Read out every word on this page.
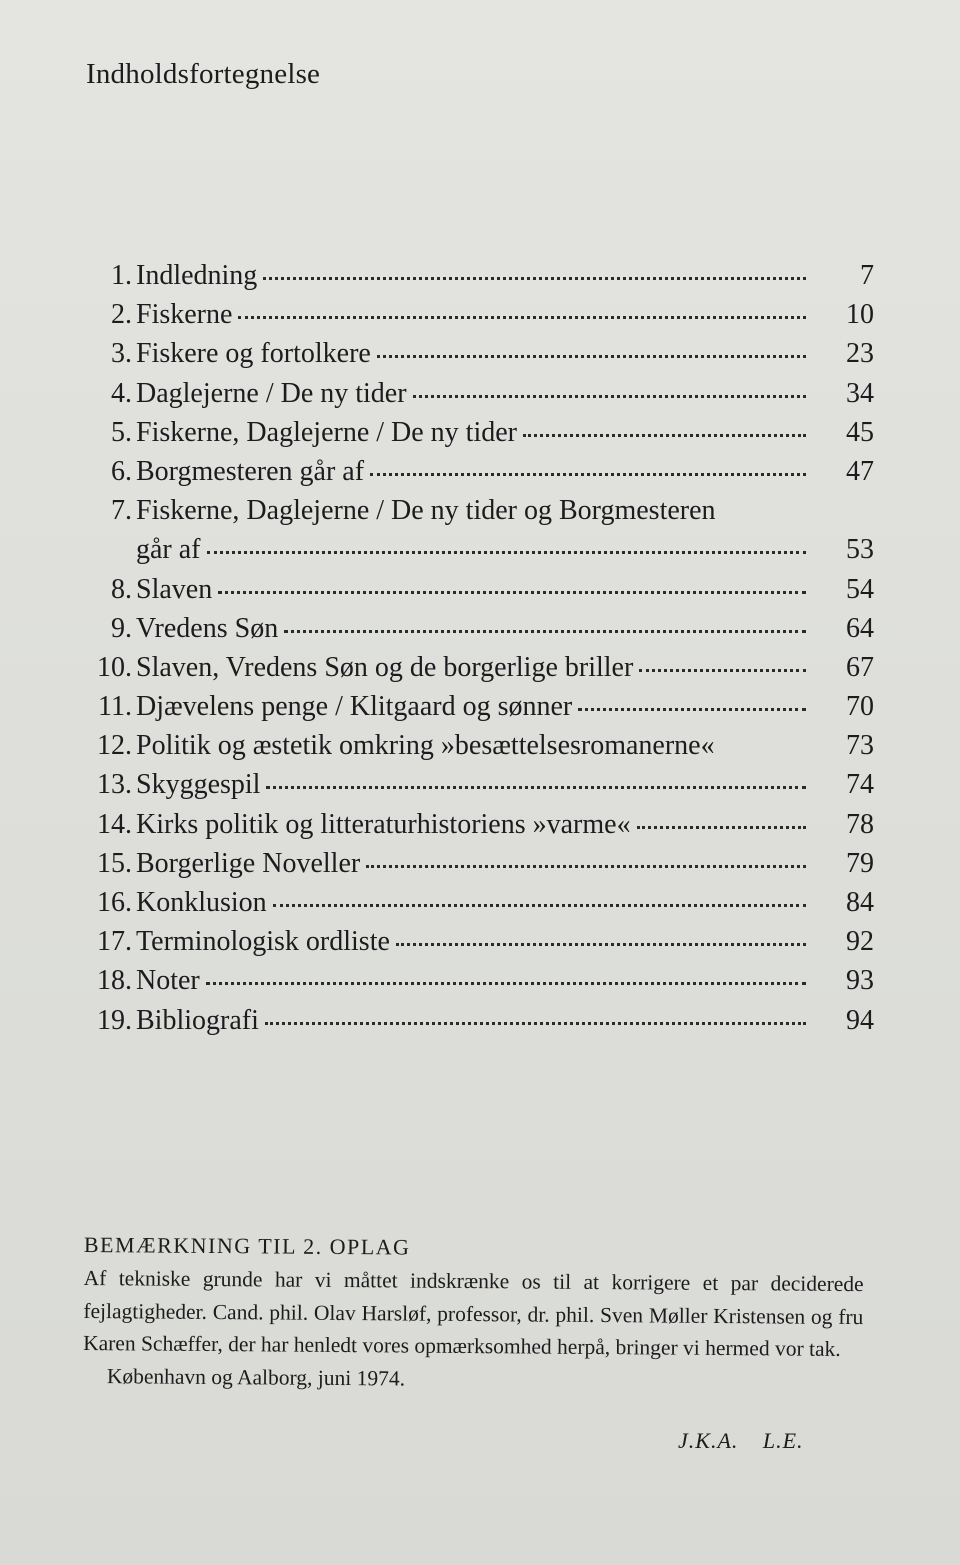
Indholdsfortegnelse
1. Indledning	7
2. Fiskerne	10
3. Fiskere og fortolkere	23
4. Daglejerne / De ny tider	34
5. Fiskerne, Daglejerne / De ny tider	45
6. Borgmesteren går af	47
7. Fiskerne, Daglejerne / De ny tider og Borgmesteren
går af	53
8. Slaven	54
9. Vredens Søn	64
10. Slaven, Vredens Søn og de borgerlige briller	67
11. Djævelens penge / Klitgaard og sønner	70
12. Politik og æstetik omkring »besættelsesromanerne«	73
13. Skyggespil	74
14. Kirks politik og litteraturhistoriens »varme«	78
15. Borgerlige Noveller	79
16. Konklusion	84
17. Terminologisk ordliste	92
18. Noter	93
19. Bibliografi	94
BEMÆRKNING TIL 2. OPLAG
Af tekniske grunde har vi måttet indskrænke os til at korrigere et par deciderede fejlagtigheder. Cand. phil. Olav Harsløf, professor, dr. phil. Sven Møller Kristensen og fru Karen Schæffer, der har henledt vores opmærksomhed herpå, bringer vi hermed vor tak.
København og Aalborg, juni 1974.
J.K.A. L.E.
